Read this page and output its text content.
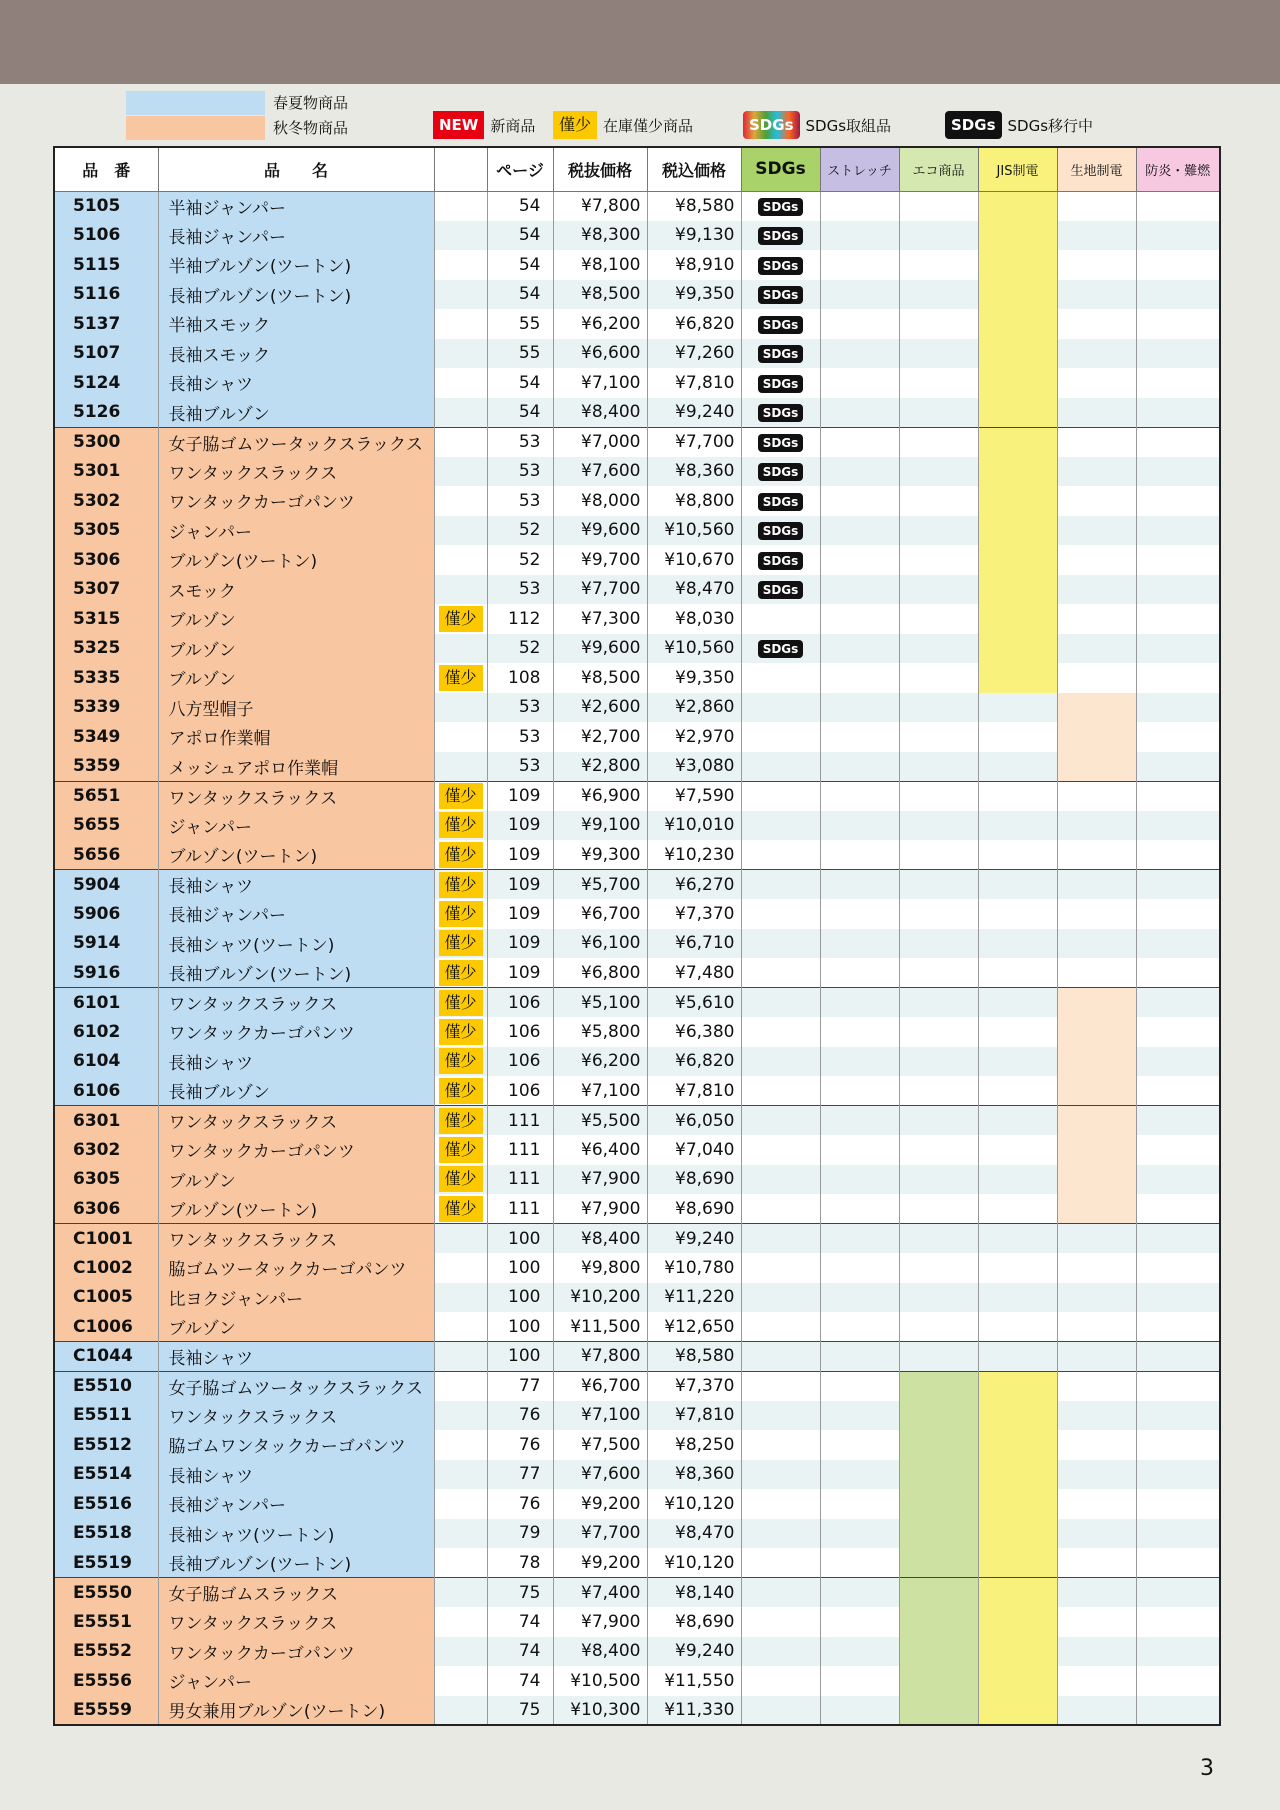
春夏物商品
秋冬物商品	NEW 新商品	僅少 在庫僅少商品	SDGs SDGs取組品	SDGs SDGs移行中
品　番	品　　名		ページ	税抜価格	税込価格	SDGs	ストレッチ	エコ商品	JIS制電	生地制電	防炎・難燃
5105	半袖ジャンパー		54	¥7,800	¥8,580	SDGs					
5106	長袖ジャンパー		54	¥8,300	¥9,130	SDGs					
5115	半袖ブルゾン(ツートン)		54	¥8,100	¥8,910	SDGs					
5116	長袖ブルゾン(ツートン)		54	¥8,500	¥9,350	SDGs					
5137	半袖スモック		55	¥6,200	¥6,820	SDGs					
5107	長袖スモック		55	¥6,600	¥7,260	SDGs					
5124	長袖シャツ		54	¥7,100	¥7,810	SDGs					
5126	長袖ブルゾン		54	¥8,400	¥9,240	SDGs					
5300	女子脇ゴムツータックスラックス		53	¥7,000	¥7,700	SDGs					
5301	ワンタックスラックス		53	¥7,600	¥8,360	SDGs					
5302	ワンタックカーゴパンツ		53	¥8,000	¥8,800	SDGs					
5305	ジャンパー		52	¥9,600	¥10,560	SDGs					
5306	ブルゾン(ツートン)		52	¥9,700	¥10,670	SDGs					
5307	スモック		53	¥7,700	¥8,470	SDGs					
5315	ブルゾン	僅少	112	¥7,300	¥8,030						
5325	ブルゾン		52	¥9,600	¥10,560	SDGs					
5335	ブルゾン	僅少	108	¥8,500	¥9,350						
5339	八方型帽子		53	¥2,600	¥2,860						
5349	アポロ作業帽		53	¥2,700	¥2,970						
5359	メッシュアポロ作業帽		53	¥2,800	¥3,080						
5651	ワンタックスラックス	僅少	109	¥6,900	¥7,590						
5655	ジャンパー	僅少	109	¥9,100	¥10,010						
5656	ブルゾン(ツートン)	僅少	109	¥9,300	¥10,230						
5904	長袖シャツ	僅少	109	¥5,700	¥6,270						
5906	長袖ジャンパー	僅少	109	¥6,700	¥7,370						
5914	長袖シャツ(ツートン)	僅少	109	¥6,100	¥6,710						
5916	長袖ブルゾン(ツートン)	僅少	109	¥6,800	¥7,480						
6101	ワンタックスラックス	僅少	106	¥5,100	¥5,610						
6102	ワンタックカーゴパンツ	僅少	106	¥5,800	¥6,380						
6104	長袖シャツ	僅少	106	¥6,200	¥6,820						
6106	長袖ブルゾン	僅少	106	¥7,100	¥7,810						
6301	ワンタックスラックス	僅少	111	¥5,500	¥6,050						
6302	ワンタックカーゴパンツ	僅少	111	¥6,400	¥7,040						
6305	ブルゾン	僅少	111	¥7,900	¥8,690						
6306	ブルゾン(ツートン)	僅少	111	¥7,900	¥8,690						
C1001	ワンタックスラックス		100	¥8,400	¥9,240						
C1002	脇ゴムツータックカーゴパンツ		100	¥9,800	¥10,780						
C1005	比ヨクジャンパー		100	¥10,200	¥11,220						
C1006	ブルゾン		100	¥11,500	¥12,650						
C1044	長袖シャツ		100	¥7,800	¥8,580						
E5510	女子脇ゴムツータックスラックス		77	¥6,700	¥7,370						
E5511	ワンタックスラックス		76	¥7,100	¥7,810						
E5512	脇ゴムワンタックカーゴパンツ		76	¥7,500	¥8,250						
E5514	長袖シャツ		77	¥7,600	¥8,360						
E5516	長袖ジャンパー		76	¥9,200	¥10,120						
E5518	長袖シャツ(ツートン)		79	¥7,700	¥8,470						
E5519	長袖ブルゾン(ツートン)		78	¥9,200	¥10,120						
E5550	女子脇ゴムスラックス		75	¥7,400	¥8,140						
E5551	ワンタックスラックス		74	¥7,900	¥8,690						
E5552	ワンタックカーゴパンツ		74	¥8,400	¥9,240						
E5556	ジャンパー		74	¥10,500	¥11,550						
E5559	男女兼用ブルゾン(ツートン)		75	¥10,300	¥11,330						
3
